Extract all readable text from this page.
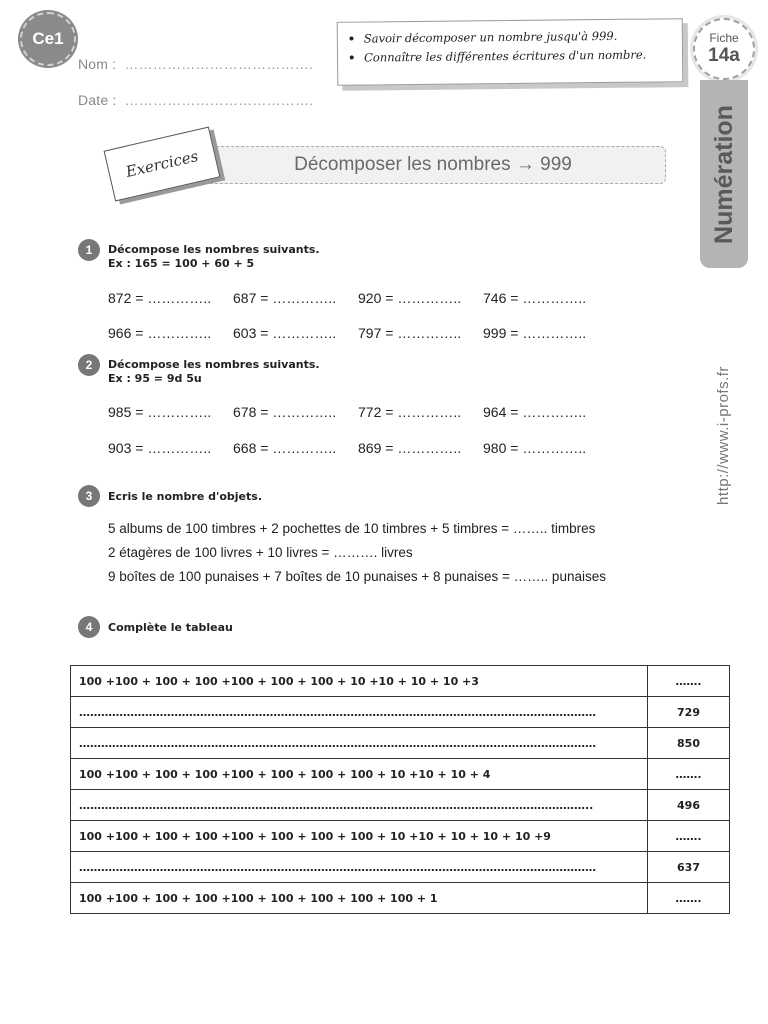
Ce1
Nom : ………………………………….
Date : ………………………………….
• Savoir décomposer un nombre jusqu'à 999.
• Connaître les différentes écritures d'un nombre.
Fiche
14a
Numération
http://www.i-profs.fr
Décomposer les nombres → 999
Exercices
1	Décompose les nombres suivants.
Ex : 165 = 100 + 60 + 5
872 = …………..	687 = …………..	920 = …………..	746 = …………..
966 = …………..	603 = …………..	797 = …………..	999 = …………..
2	Décompose les nombres suivants.
Ex : 95 = 9d 5u
985 = …………..	678 = …………..	772 = …………..	964 = …………..
903 = …………..	668 = …………..	869 = …………..	980 = …………..
3	Ecris le nombre d'objets.
5 albums de 100 timbres + 2 pochettes de 10 timbres + 5 timbres = …….. timbres
2 étagères de 100 livres + 10 livres = ………. livres
9 boîtes de 100 punaises + 7 boîtes de 10 punaises + 8 punaises = …….. punaises
4	Complète le tableau
100 +100 + 100 + 100 +100 + 100 + 100 + 10 +10 + 10 + 10 +3	…….
……………………………………………………………………………………………………………………………	729
……………………………………………………………………………………………………………………………	850
100 +100 + 100 + 100 +100 + 100 + 100 + 100 + 10 +10 + 10 + 4	…….
…………………………………………………………………………………………………………………………..	496
100 +100 + 100 + 100 +100 + 100 + 100 + 100 + 10 +10 + 10 + 10 + 10 +9	…….
……………………………………………………………………………………………………………………………	637
100 +100 + 100 + 100 +100 + 100 + 100 + 100 + 100 + 1	…….
